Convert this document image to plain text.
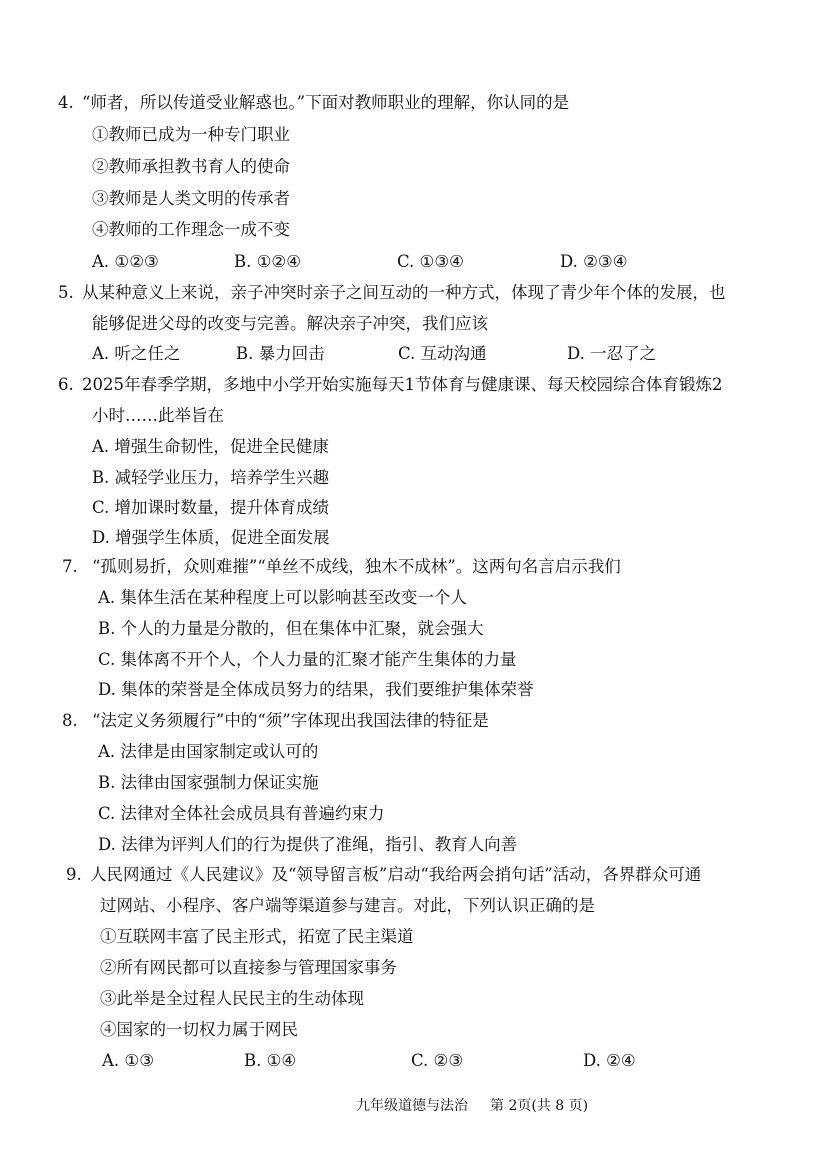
4. “师者，所以传道受业解惑也。”下面对教师职业的理解，你认同的是
①教师已成为一种专门职业
②教师承担教书育人的使命
③教师是人类文明的传承者
④教师的工作理念一成不变
A. ①②③	B. ①②④	C. ①③④	D. ②③④
5. 从某种意义上来说，亲子冲突时亲子之间互动的一种方式，体现了青少年个体的发展，也
能够促进父母的改变与完善。解决亲子冲突，我们应该
A. 听之任之	B. 暴力回击	C. 互动沟通	D. 一忍了之
6. 2025年春季学期，多地中小学开始实施每天1节体育与健康课、每天校园综合体育锻炼2
小时……此举旨在
A. 增强生命韧性，促进全民健康
B. 减轻学业压力，培养学生兴趣
C. 增加课时数量，提升体育成绩
D. 增强学生体质，促进全面发展
7. “孤则易折，众则难摧”“单丝不成线，独木不成林”。这两句名言启示我们
A. 集体生活在某种程度上可以影响甚至改变一个人
B. 个人的力量是分散的，但在集体中汇聚，就会强大
C. 集体离不开个人，个人力量的汇聚才能产生集体的力量
D. 集体的荣誉是全体成员努力的结果，我们要维护集体荣誉
8. “法定义务须履行”中的“须”字体现出我国法律的特征是
A. 法律是由国家制定或认可的
B. 法律由国家强制力保证实施
C. 法律对全体社会成员具有普遍约束力
D. 法律为评判人们的行为提供了准绳，指引、教育人向善
9. 人民网通过《人民建议》及“领导留言板”启动“我给两会捎句话”活动，各界群众可通
过网站、小程序、客户端等渠道参与建言。对此，下列认识正确的是
①互联网丰富了民主形式，拓宽了民主渠道
②所有网民都可以直接参与管理国家事务
③此举是全过程人民民主的生动体现
④国家的一切权力属于网民
A. ①③	B. ①④	C. ②③	D. ②④
九年级道德与法治 第 2页(共 8 页)
